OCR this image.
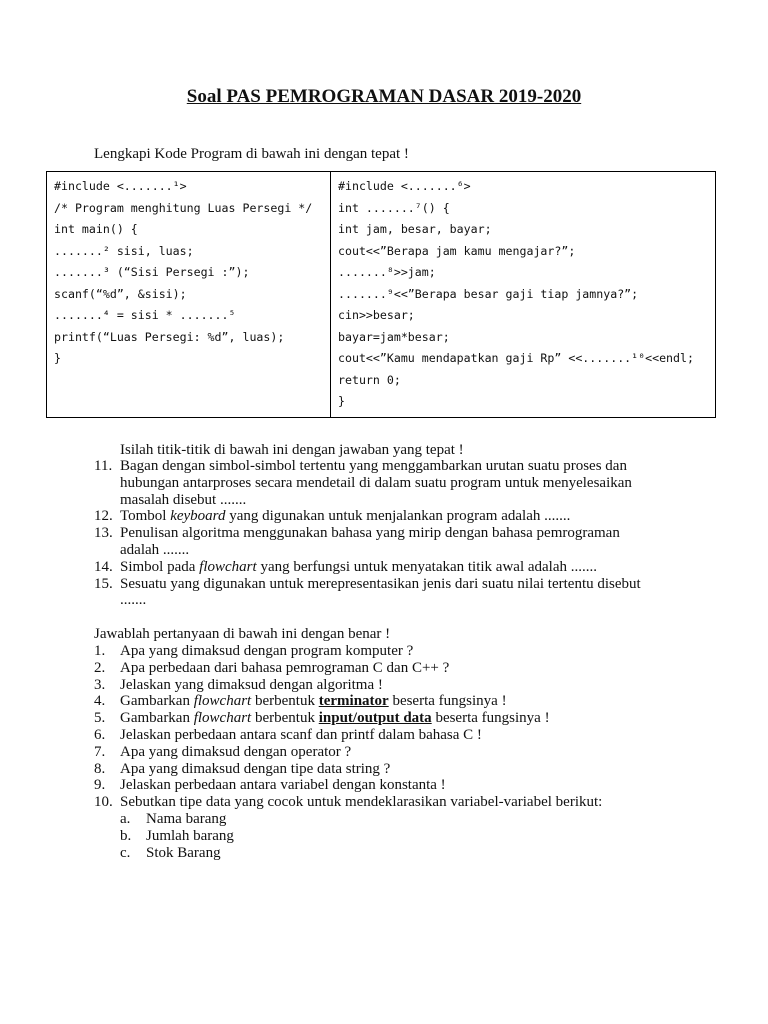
Soal PAS PEMROGRAMAN DASAR 2019-2020
Lengkapi Kode Program di bawah ini dengan tepat !
#include <.......¹>
/* Program menghitung Luas Persegi */
int main() {
.......² sisi, luas;
.......³ (“Sisi Persegi :”);
scanf(“%d”, &sisi);
.......⁴ = sisi * .......⁵
printf(“Luas Persegi: %d”, luas);
}
#include <.......⁶>
int .......⁷() {
int jam, besar, bayar;
cout<<”Berapa jam kamu mengajar?”;
.......⁸>>jam;
.......⁹<<”Berapa besar gaji tiap jamnya?”;
cin>>besar;
bayar=jam*besar;
cout<<”Kamu mendapatkan gaji Rp” <<.......¹⁰<<endl;
return 0;
}
Isilah titik-titik di bawah ini dengan jawaban yang tepat !
11. Bagan dengan simbol-simbol tertentu yang menggambarkan urutan suatu proses dan hubungan antarproses secara mendetail di dalam suatu program untuk menyelesaikan masalah disebut .......
12. Tombol keyboard yang digunakan untuk menjalankan program adalah .......
13. Penulisan algoritma menggunakan bahasa yang mirip dengan bahasa pemrograman adalah .......
14. Simbol pada flowchart yang berfungsi untuk menyatakan titik awal adalah .......
15. Sesuatu yang digunakan untuk merepresentasikan jenis dari suatu nilai tertentu disebut .......
Jawablah pertanyaan di bawah ini dengan benar !
1. Apa yang dimaksud dengan program komputer ?
2. Apa perbedaan dari bahasa pemrograman C dan C++ ?
3. Jelaskan yang dimaksud dengan algoritma !
4. Gambarkan flowchart berbentuk terminator beserta fungsinya !
5. Gambarkan flowchart berbentuk input/output data beserta fungsinya !
6. Jelaskan perbedaan antara scanf dan printf dalam bahasa C !
7. Apa yang dimaksud dengan operator ?
8. Apa yang dimaksud dengan tipe data string ?
9. Jelaskan perbedaan antara variabel dengan konstanta !
10. Sebutkan tipe data yang cocok untuk mendeklarasikan variabel-variabel berikut:
a.	Nama barang
b. Jumlah barang
c.	Stok Barang
